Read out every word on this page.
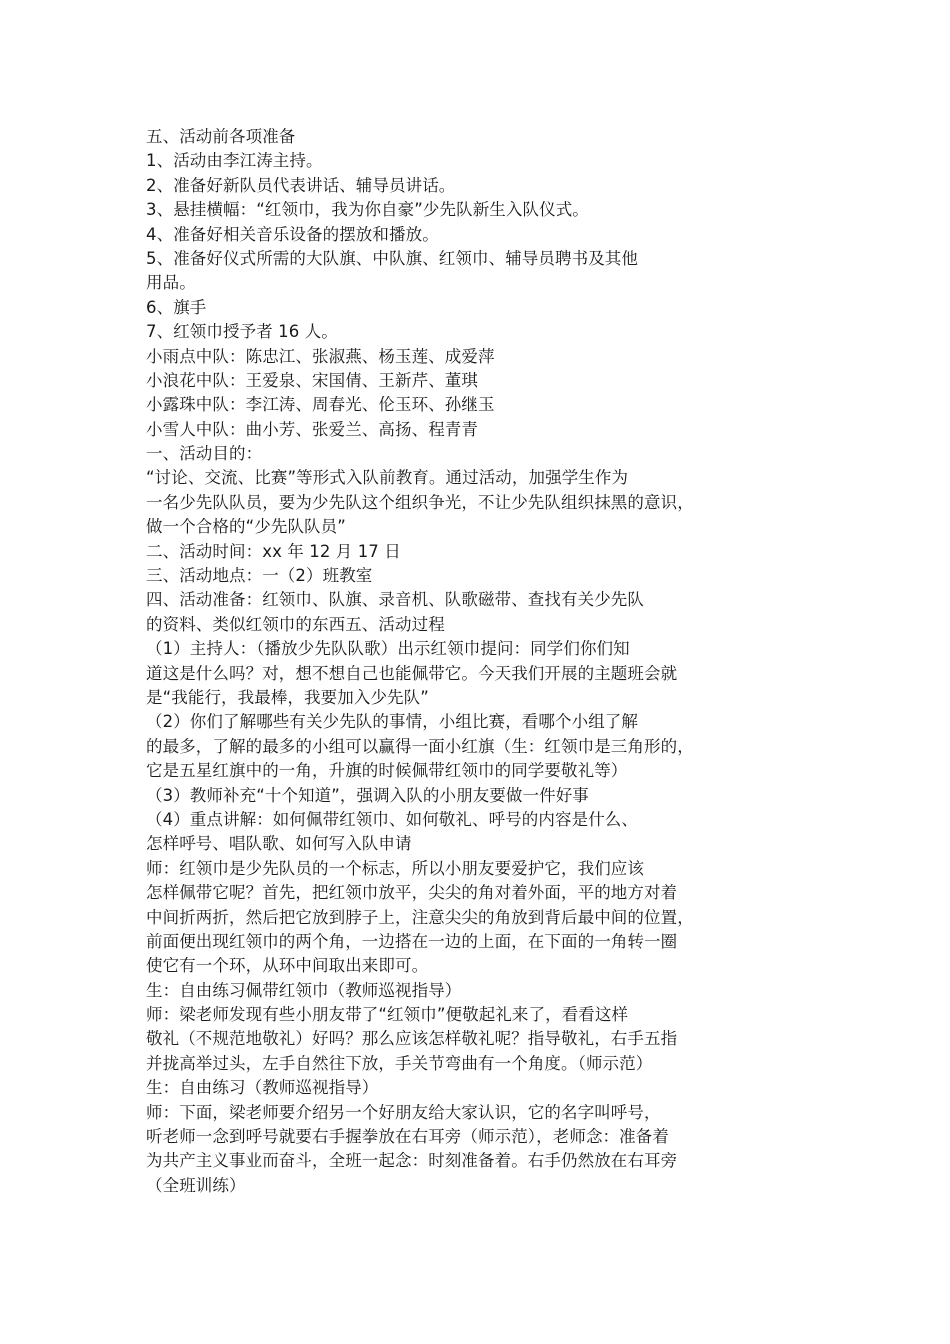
五、活动前各项准备
1、活动由李江涛主持。
2、准备好新队员代表讲话、辅导员讲话。
3、悬挂横幅：“红领巾，我为你自豪”少先队新生入队仪式。
4、准备好相关音乐设备的摆放和播放。
5、准备好仪式所需的大队旗、中队旗、红领巾、辅导员聘书及其他
用品。
6、旗手
7、红领巾授予者 16 人。
小雨点中队：陈忠江、张淑燕、杨玉莲、成爱萍
小浪花中队：王爱泉、宋国倩、王新芹、董琪
小露珠中队：李江涛、周春光、伦玉环、孙继玉
小雪人中队：曲小芳、张爱兰、高扬、程青青
一、活动目的：
“讨论、交流、比赛”等形式入队前教育。通过活动，加强学生作为
一名少先队队员，要为少先队这个组织争光，不让少先队组织抹黑的意识，
做一个合格的“少先队队员”
二、活动时间：xx 年 12 月 17 日
三、活动地点：一（2）班教室
四、活动准备：红领巾、队旗、录音机、队歌磁带、查找有关少先队
的资料、类似红领巾的东西五、活动过程
（1）主持人：（播放少先队队歌）出示红领巾提问：同学们你们知
道这是什么吗？对，想不想自己也能佩带它。今天我们开展的主题班会就
是“我能行，我最棒，我要加入少先队”
（2）你们了解哪些有关少先队的事情，小组比赛，看哪个小组了解
的最多，了解的最多的小组可以赢得一面小红旗（生：红领巾是三角形的，
它是五星红旗中的一角，升旗的时候佩带红领巾的同学要敬礼等）
（3）教师补充“十个知道”，强调入队的小朋友要做一件好事
（4）重点讲解：如何佩带红领巾、如何敬礼、呼号的内容是什么、
怎样呼号、唱队歌、如何写入队申请
师：红领巾是少先队员的一个标志，所以小朋友要爱护它，我们应该
怎样佩带它呢？首先，把红领巾放平，尖尖的角对着外面，平的地方对着
中间折两折，然后把它放到脖子上，注意尖尖的角放到背后最中间的位置，
前面便出现红领巾的两个角，一边搭在一边的上面，在下面的一角转一圈
使它有一个环，从环中间取出来即可。
生：自由练习佩带红领巾（教师巡视指导）
师：梁老师发现有些小朋友带了“红领巾”便敬起礼来了，看看这样
敬礼（不规范地敬礼）好吗？那么应该怎样敬礼呢？指导敬礼，右手五指
并拢高举过头，左手自然往下放，手关节弯曲有一个角度。（师示范）
生：自由练习（教师巡视指导）
师：下面，梁老师要介绍另一个好朋友给大家认识，它的名字叫呼号，
听老师一念到呼号就要右手握拳放在右耳旁（师示范），老师念：准备着
为共产主义事业而奋斗，全班一起念：时刻准备着。右手仍然放在右耳旁
（全班训练）
